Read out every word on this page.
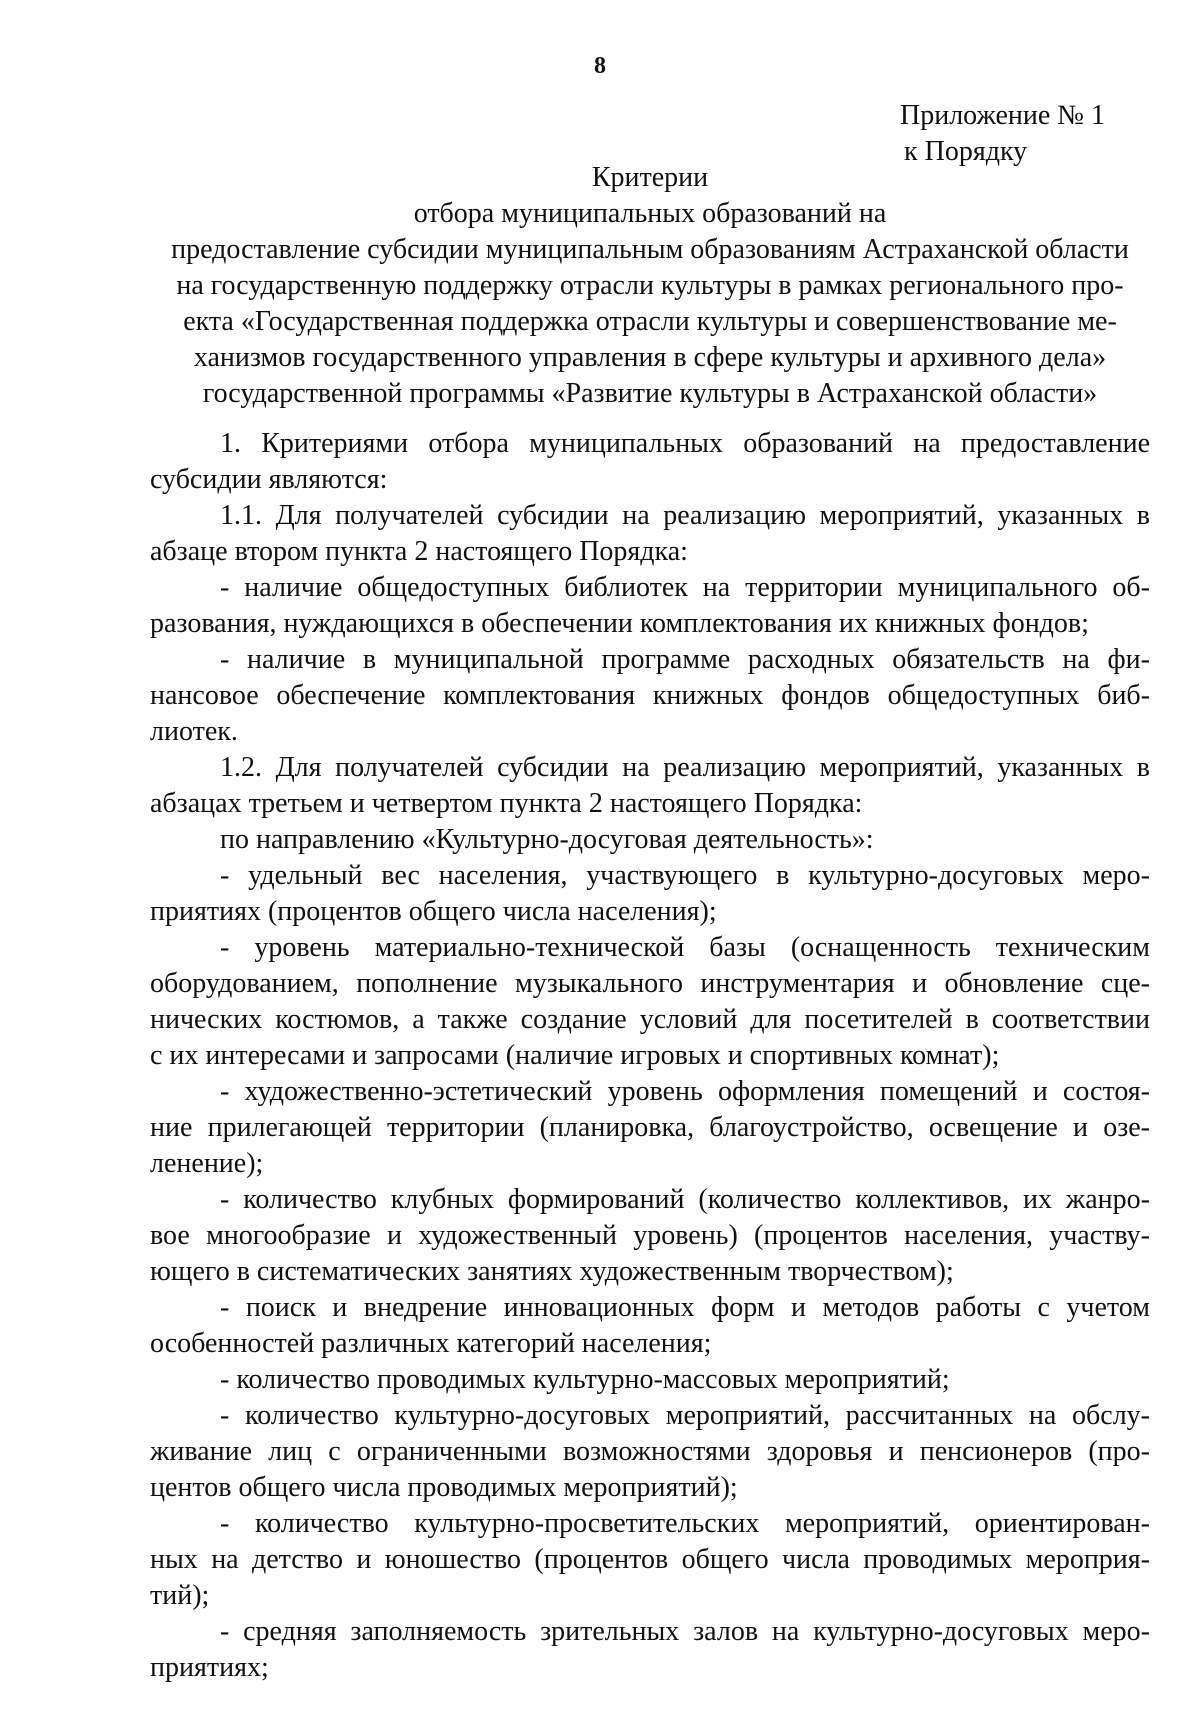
8
Приложение № 1
к Порядку
Критерии
отбора муниципальных образований на
предоставление субсидии муниципальным образованиям Астраханской области
на государственную поддержку отрасли культуры в рамках регионального про-
екта «Государственная поддержка отрасли культуры и совершенствование ме-
ханизмов государственного управления в сфере культуры и архивного дела»
государственной программы «Развитие культуры в Астраханской области»
1. Критериями отбора муниципальных образований на предоставление
субсидии являются:
1.1. Для получателей субсидии на реализацию мероприятий, указанных в
абзаце втором пункта 2 настоящего Порядка:
- наличие общедоступных библиотек на территории муниципального об-
разования, нуждающихся в обеспечении комплектования их книжных фондов;
- наличие в муниципальной программе расходных обязательств на фи-
нансовое обеспечение комплектования книжных фондов общедоступных биб-
лиотек.
1.2. Для получателей субсидии на реализацию мероприятий, указанных в
абзацах третьем и четвертом пункта 2 настоящего Порядка:
по направлению «Культурно-досуговая деятельность»:
- удельный вес населения, участвующего в культурно-досуговых меро-
приятиях (процентов общего числа населения);
- уровень материально-технической базы (оснащенность техническим
оборудованием, пополнение музыкального инструментария и обновление сце-
нических костюмов, а также создание условий для посетителей в соответствии
с их интересами и запросами (наличие игровых и спортивных комнат);
- художественно-эстетический уровень оформления помещений и состоя-
ние прилегающей территории (планировка, благоустройство, освещение и озе-
ленение);
- количество клубных формирований (количество коллективов, их жанро-
вое многообразие и художественный уровень) (процентов населения, участву-
ющего в систематических занятиях художественным творчеством);
- поиск и внедрение инновационных форм и методов работы с учетом
особенностей различных категорий населения;
- количество проводимых культурно-массовых мероприятий;
- количество культурно-досуговых мероприятий, рассчитанных на обслу-
живание лиц с ограниченными возможностями здоровья и пенсионеров (про-
центов общего числа проводимых мероприятий);
- количество культурно-просветительских мероприятий, ориентирован-
ных на детство и юношество (процентов общего числа проводимых мероприя-
тий);
- средняя заполняемость зрительных залов на культурно-досуговых меро-
приятиях;
